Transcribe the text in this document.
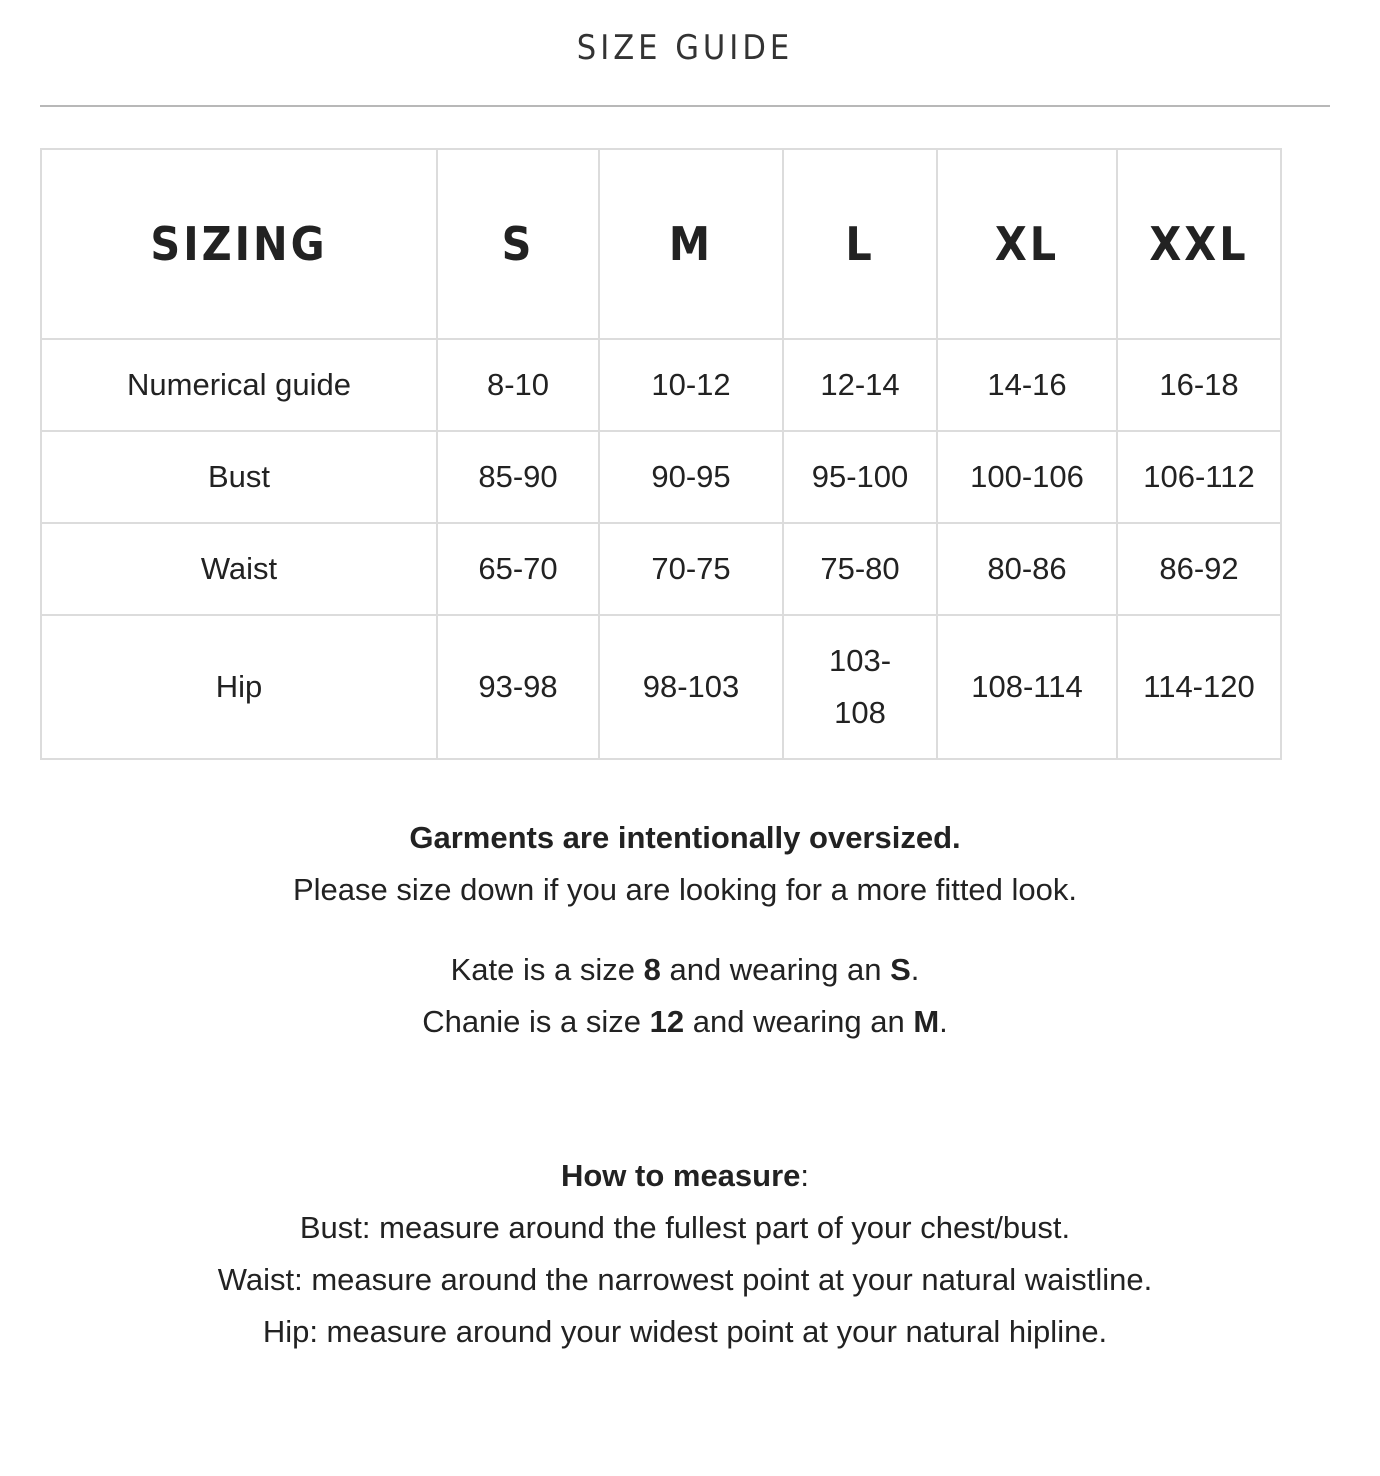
SIZE GUIDE
SIZING	S	M	L	XL	XXL
Numerical guide	8-10	10-12	12-14	14-16	16-18
Bust	85-90	90-95	95-100	100-106	106-112
Waist	65-70	70-75	75-80	80-86	86-92
Hip	93-98	98-103	103-108	108-114	114-120

Garments are intentionally oversized.

Please size down if you are looking for a more fitted look.

Kate is a size 8 and wearing an S.

Chanie is a size 12 and wearing an M.

How to measure:

Bust: measure around the fullest part of your chest/bust.

Waist: measure around the narrowest point at your natural waistline.

Hip: measure around your widest point at your natural hipline.
